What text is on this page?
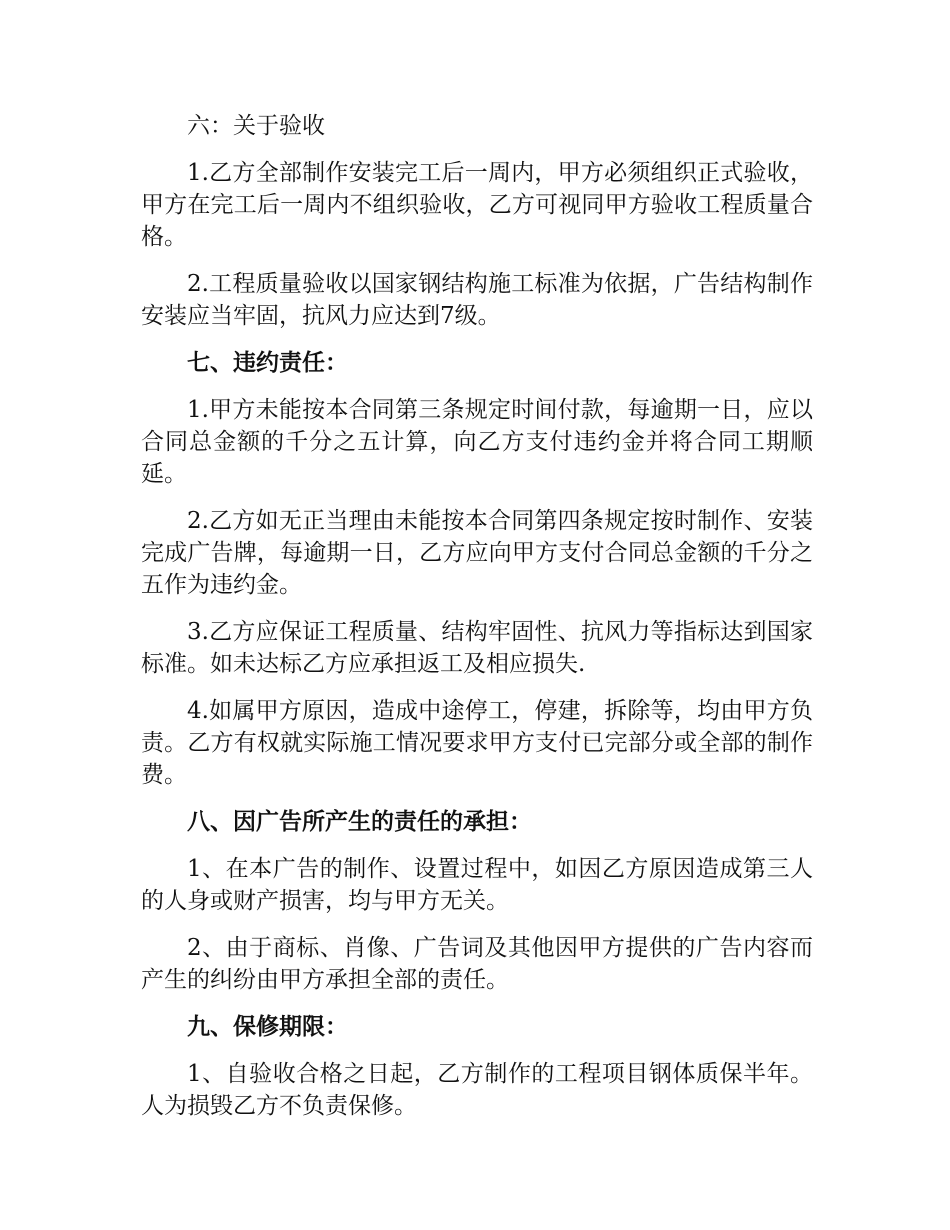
六：关于验收

1.乙方全部制作安装完工后一周内，甲方必须组织正式验收，甲方在完工后一周内不组织验收，乙方可视同甲方验收工程质量合格。

2.工程质量验收以国家钢结构施工标准为依据，广告结构制作安装应当牢固，抗风力应达到7级。

七、违约责任：

1.甲方未能按本合同第三条规定时间付款，每逾期一日，应以合同总金额的千分之五计算，向乙方支付违约金并将合同工期顺延。

2.乙方如无正当理由未能按本合同第四条规定按时制作、安装完成广告牌，每逾期一日，乙方应向甲方支付合同总金额的千分之五作为违约金。

3.乙方应保证工程质量、结构牢固性、抗风力等指标达到国家标准。如未达标乙方应承担返工及相应损失.

4.如属甲方原因，造成中途停工，停建，拆除等，均由甲方负责。乙方有权就实际施工情况要求甲方支付已完部分或全部的制作费。

八、因广告所产生的责任的承担：

1、在本广告的制作、设置过程中，如因乙方原因造成第三人的人身或财产损害，均与甲方无关。

2、由于商标、肖像、广告词及其他因甲方提供的广告内容而产生的纠纷由甲方承担全部的责任。

九、保修期限：

1、自验收合格之日起，乙方制作的工程项目钢体质保半年。人为损毁乙方不负责保修。
